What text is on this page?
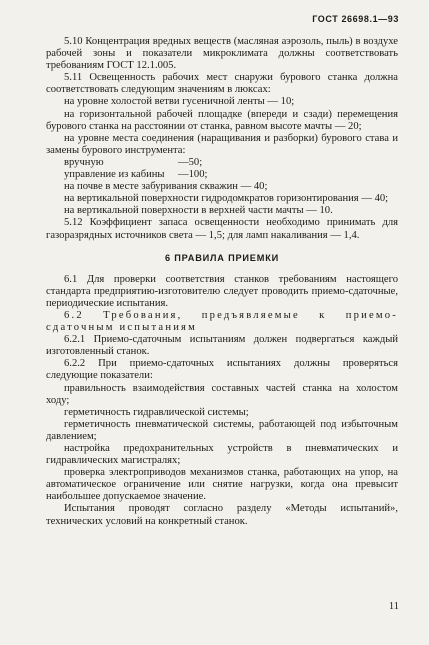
ГОСТ 26698.1—93

5.10 Концентрация вредных веществ (масляная аэрозоль, пыль) в воздухе рабочей зоны и показатели микроклимата должны соответствовать требованиям ГОСТ 12.1.005.

5.11 Освещенность рабочих мест снаружи бурового станка должна соответствовать следующим значениям в люксах:

на уровне холостой ветви гусеничной ленты — 10;

на горизонтальной рабочей площадке (впереди и сзади) перемещения бурового станка на расстоянии от станка, равном высоте мачты — 20;

на уровне места соединения (наращивания и разборки) бурового става и замены бурового инструмента:

вручную	—50;
управление из кабины	—100;

на почве в месте забуривания скважин — 40;

на вертикальной поверхности гидродомкратов горизонтирования — 40;

на вертикальной поверхности в верхней части мачты — 10.

5.12 Коэффициент запаса освещенности необходимо принимать для газоразрядных источников света — 1,5; для ламп накаливания — 1,4.

6 ПРАВИЛА ПРИЕМКИ

6.1 Для проверки соответствия станков требованиям настоящего стандарта предприятию-изготовителю следует проводить приемо-сдаточные, периодические испытания.

6.2 Требования, предъявляемые к приемо-сдаточным испытаниям

6.2.1 Приемо-сдаточным испытаниям должен подвергаться каждый изготовленный станок.

6.2.2 При приемо-сдаточных испытаниях должны проверяться следующие показатели:

правильность взаимодействия составных частей станка на холостом ходу;

герметичность гидравлической системы;

герметичность пневматической системы, работающей под избыточным давлением;

настройка предохранительных устройств в пневматических и гидравлических магистралях;

проверка электроприводов механизмов станка, работающих на упор, на автоматическое ограничение или снятие нагрузки, когда она превысит наибольшее допускаемое значение.

Испытания проводят согласно разделу «Методы испытаний», технических условий на конкретный станок.

11
